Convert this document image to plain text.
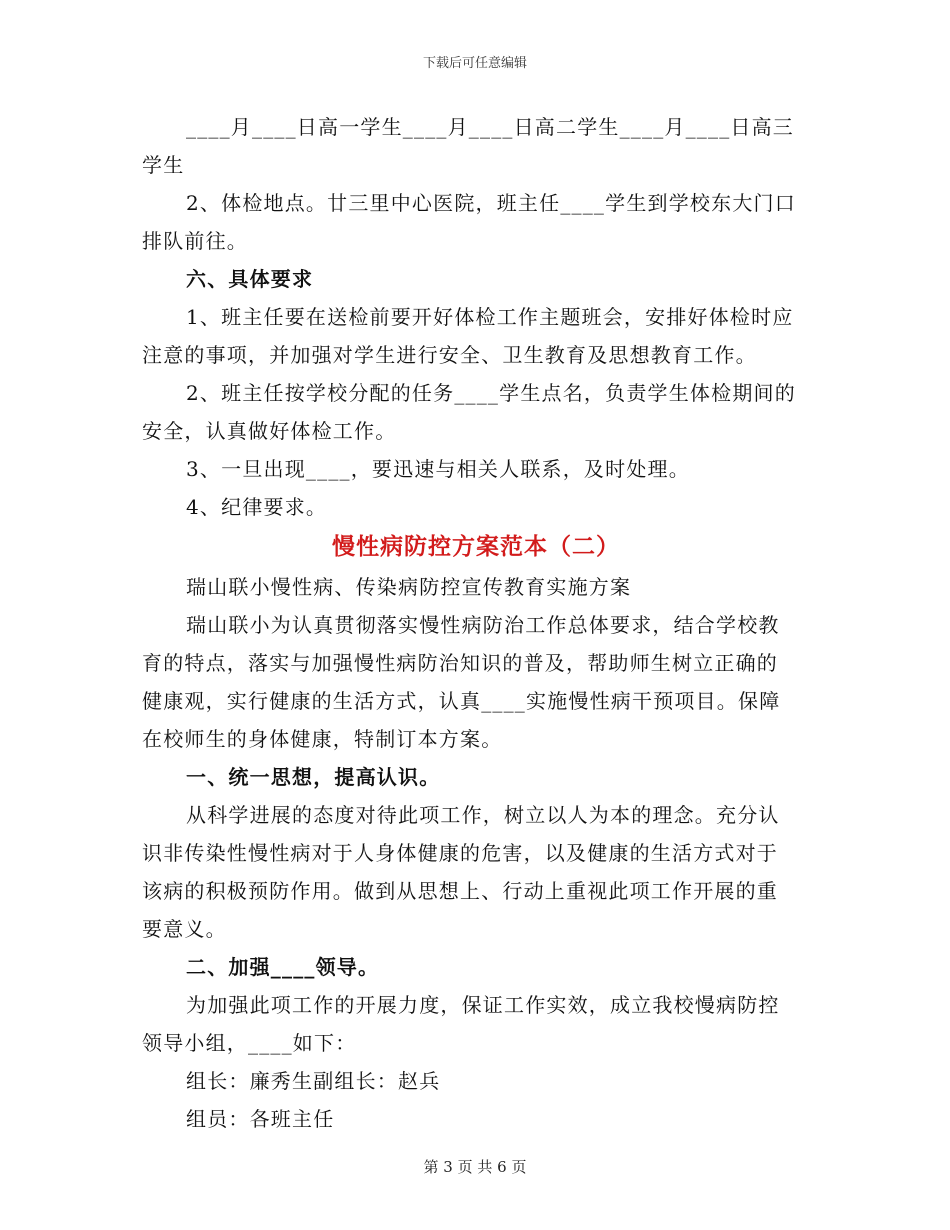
下载后可任意编辑
____月____日高一学生____月____日高二学生____月____日高三
学生
2、体检地点。廿三里中心医院，班主任____学生到学校东大门口
排队前往。
六、具体要求
1、班主任要在送检前要开好体检工作主题班会，安排好体检时应
注意的事项，并加强对学生进行安全、卫生教育及思想教育工作。
2、班主任按学校分配的任务____学生点名，负责学生体检期间的
安全，认真做好体检工作。
3、一旦出现____，要迅速与相关人联系，及时处理。
4、纪律要求。
慢性病防控方案范本（二）
瑞山联小慢性病、传染病防控宣传教育实施方案
瑞山联小为认真贯彻落实慢性病防治工作总体要求，结合学校教
育的特点，落实与加强慢性病防治知识的普及，帮助师生树立正确的
健康观，实行健康的生活方式，认真____实施慢性病干预项目。保障
在校师生的身体健康，特制订本方案。
一、统一思想，提高认识。
从科学进展的态度对待此项工作，树立以人为本的理念。充分认
识非传染性慢性病对于人身体健康的危害，以及健康的生活方式对于
该病的积极预防作用。做到从思想上、行动上重视此项工作开展的重
要意义。
二、加强____领导。
为加强此项工作的开展力度，保证工作实效，成立我校慢病防控
领导小组，____如下：
组长：廉秀生副组长：赵兵
组员：各班主任
第 3 页 共 6 页
